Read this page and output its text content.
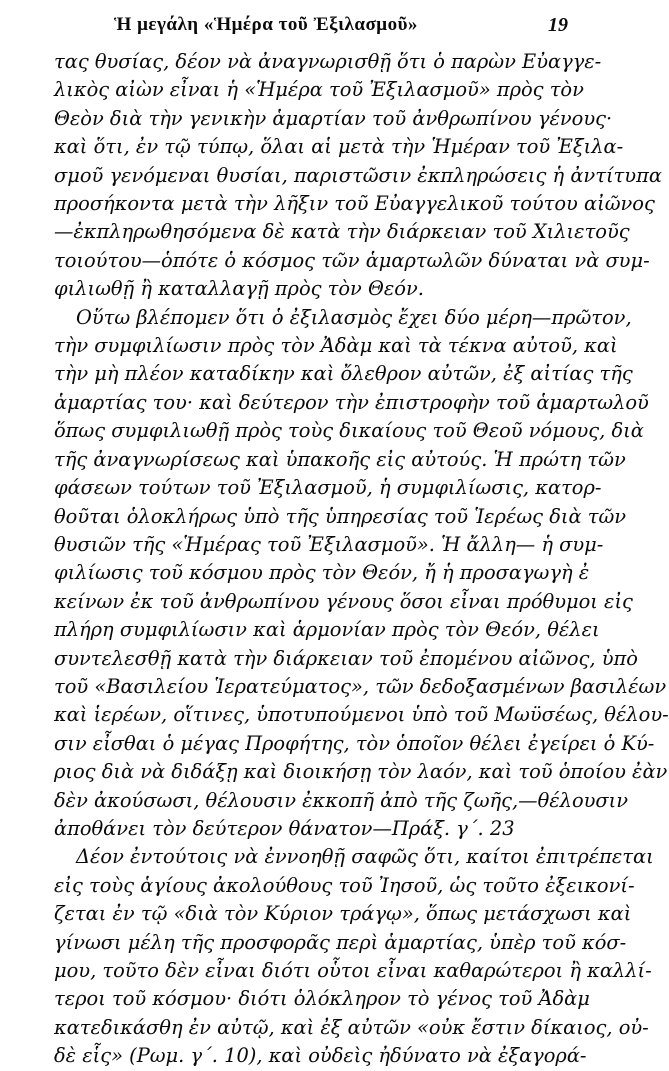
Ἡ μεγάλη «Ἡμέρα τοῦ Ἐξιλασμοῦ»	19
τας θυσίας, δέον νὰ ἀναγνωρισθῇ ὅτι ὁ παρὼν Εὐαγγε-
λικὸς αἰὼν εἶναι ἡ «Ἡμέρα τοῦ Ἐξιλασμοῦ» πρὸς τὸν
Θεὸν διὰ τὴν γενικὴν ἁμαρτίαν τοῦ ἀνθρωπίνου γένους·
καὶ ὅτι, ἐν τῷ τύπῳ, ὅλαι αἱ μετὰ τὴν Ἡμέραν τοῦ Ἐξιλα-
σμοῦ γενόμεναι θυσίαι, παριστῶσιν ἐκπληρώσεις ἡ ἀντίτυπα
προσήκοντα μετὰ τὴν λῆξιν τοῦ Εὐαγγελικοῦ τούτου αἰῶνος
—ἐκπληρωθησόμενα δὲ κατὰ τὴν διάρκειαν τοῦ Χιλιετοῦς
τοιούτου—ὁπότε ὁ κόσμος τῶν ἁμαρτωλῶν δύναται νὰ συμ-
φιλιωθῇ ἢ καταλλαγῇ πρὸς τὸν Θεόν.
Οὕτω βλέπομεν ὅτι ὁ ἐξιλασμὸς ἔχει δύο μέρη—πρῶτον,
τὴν συμφιλίωσιν πρὸς τὸν Ἀδὰμ καὶ τὰ τέκνα αὐτοῦ, καὶ
τὴν μὴ πλέον καταδίκην καὶ ὄλεθρον αὐτῶν, ἐξ αἰτίας τῆς
ἁμαρτίας του· καὶ δεύτερον τὴν ἐπιστροφὴν τοῦ ἁμαρτωλοῦ
ὅπως συμφιλιωθῇ πρὸς τοὺς δικαίους τοῦ Θεοῦ νόμους, διὰ
τῆς ἀναγνωρίσεως καὶ ὑπακοῆς εἰς αὐτούς. Ἡ πρώτη τῶν
φάσεων τούτων τοῦ Ἐξιλασμοῦ, ἡ συμφιλίωσις, κατορ-
θοῦται ὁλοκλήρως ὑπὸ τῆς ὑπηρεσίας τοῦ Ἱερέως διὰ τῶν
θυσιῶν τῆς «Ἡμέρας τοῦ Ἐξιλασμοῦ». Ἡ ἄλλη— ἡ συμ-
φιλίωσις τοῦ κόσμου πρὸς τὸν Θεόν, ἤ ἡ προσαγωγὴ ἐ
κείνων ἐκ τοῦ ἀνθρωπίνου γένους ὅσοι εἶναι πρόθυμοι εἰς
πλήρη συμφιλίωσιν καὶ ἁρμονίαν πρὸς τὸν Θεόν, θέλει
συντελεσθῇ κατὰ τὴν διάρκειαν τοῦ ἐπομένου αἰῶνος, ὑπὸ
τοῦ «Βασιλείου Ἱερατεύματος», τῶν δεδοξασμένων βασιλέων
καὶ ἱερέων, οἵτινες, ὑποτυπούμενοι ὑπὸ τοῦ Μωϋσέως, θέλου-
σιν εἶσθαι ὁ μέγας Προφήτης, τὸν ὁποῖον θέλει ἐγείρει ὁ Κύ-
ριος διὰ νὰ διδάξῃ καὶ διοικήσῃ τὸν λαόν, καὶ τοῦ ὁποίου ἐὰν
δὲν ἀκούσωσι, θέλουσιν ἐκκοπῆ ἀπὸ τῆς ζωῆς,—θέλουσιν
ἀποθάνει τὸν δεύτερον θάνατον—Πράξ. γ΄. 23
Δέον ἐντούτοις νὰ ἐννοηθῇ σαφῶς ὅτι, καίτοι ἐπιτρέπεται
εἰς τοὺς ἁγίους ἀκολούθους τοῦ Ἰησοῦ, ὡς τοῦτο ἐξεικονί-
ζεται ἐν τῷ «διὰ τὸν Κύριον τράγῳ», ὅπως μετάσχωσι καὶ
γίνωσι μέλη τῆς προσφορᾶς περὶ ἁμαρτίας, ὑπὲρ τοῦ κόσ-
μου, τοῦτο δὲν εἶναι διότι οὗτοι εἶναι καθαρώτεροι ἢ καλλί-
τεροι τοῦ κόσμου· διότι ὁλόκληρον τὸ γένος τοῦ Ἀδὰμ
κατεδικάσθη ἐν αὐτῷ, καὶ ἐξ αὐτῶν «οὐκ ἔστιν δίκαιος, οὐ-
δὲ εἷς» (Ρωμ. γ΄. 10), καὶ οὐδεὶς ἠδύνατο νὰ ἐξαγορά-
